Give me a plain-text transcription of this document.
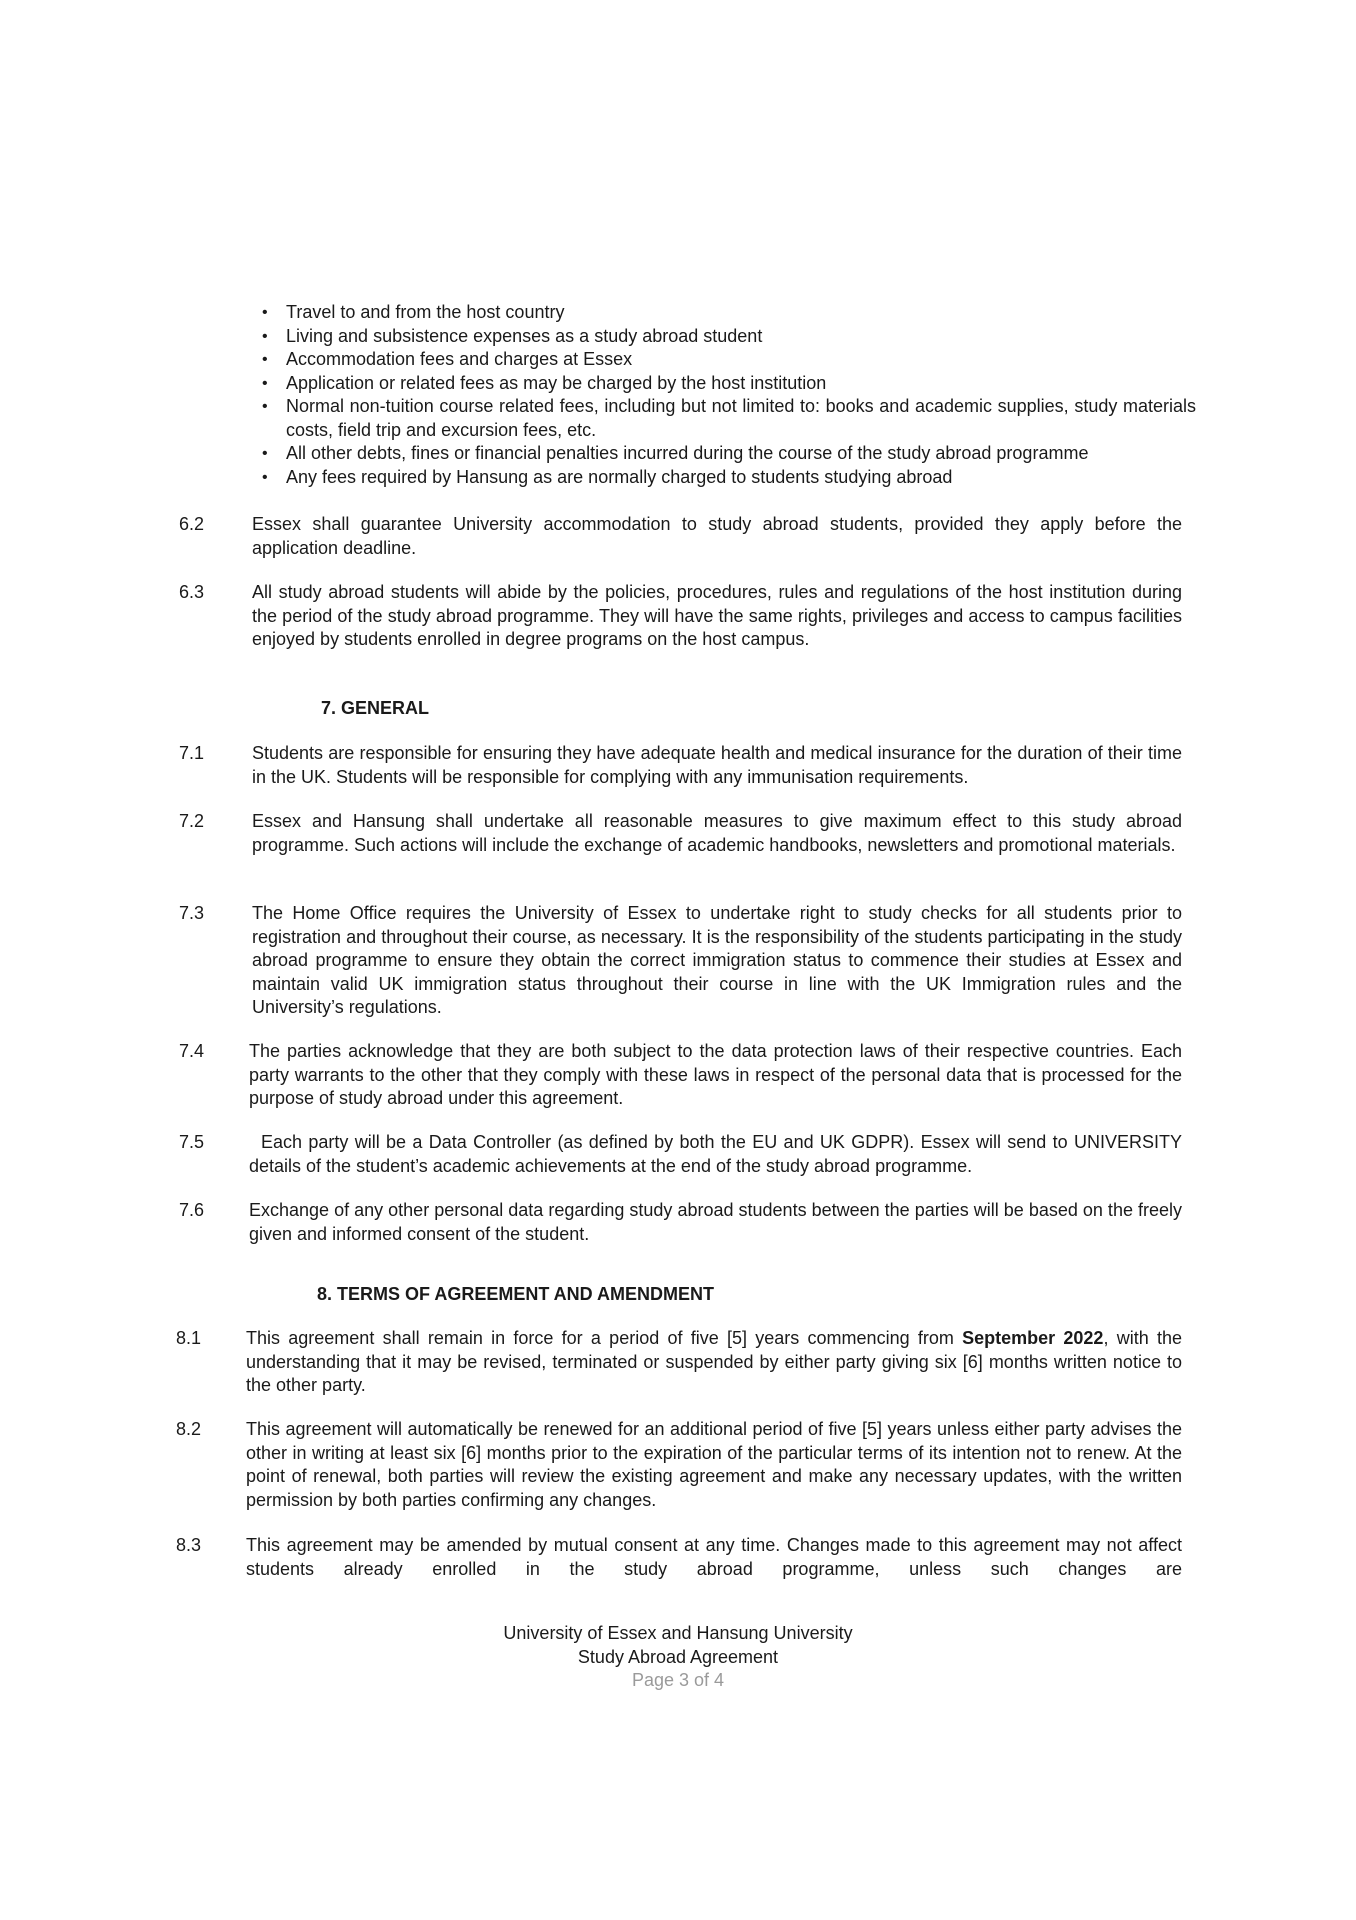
• Travel to and from the host country
• Living and subsistence expenses as a study abroad student
• Accommodation fees and charges at Essex
• Application or related fees as may be charged by the host institution
• Normal non-tuition course related fees, including but not limited to: books and academic supplies, study materials costs, field trip and excursion fees, etc.
• All other debts, fines or financial penalties incurred during the course of the study abroad programme
• Any fees required by Hansung as are normally charged to students studying abroad
6.2	Essex shall guarantee University accommodation to study abroad students, provided they apply before the application deadline.
6.3	All study abroad students will abide by the policies, procedures, rules and regulations of the host institution during the period of the study abroad programme. They will have the same rights, privileges and access to campus facilities enjoyed by students enrolled in degree programs on the host campus.
7. GENERAL
7.1	Students are responsible for ensuring they have adequate health and medical insurance for the duration of their time in the UK. Students will be responsible for complying with any immunisation requirements.
7.2	Essex and Hansung shall undertake all reasonable measures to give maximum effect to this study abroad programme. Such actions will include the exchange of academic handbooks, newsletters and promotional materials.
7.3	The Home Office requires the University of Essex to undertake right to study checks for all students prior to registration and throughout their course, as necessary. It is the responsibility of the students participating in the study abroad programme to ensure they obtain the correct immigration status to commence their studies at Essex and maintain valid UK immigration status throughout their course in line with the UK Immigration rules and the University’s regulations.
7.4	The parties acknowledge that they are both subject to the data protection laws of their respective countries. Each party warrants to the other that they comply with these laws in respect of the personal data that is processed for the purpose of study abroad under this agreement.
7.5	Each party will be a Data Controller (as defined by both the EU and UK GDPR). Essex will send to UNIVERSITY details of the student’s academic achievements at the end of the study abroad programme.
7.6	Exchange of any other personal data regarding study abroad students between the parties will be based on the freely given and informed consent of the student.
8. TERMS OF AGREEMENT AND AMENDMENT
8.1	This agreement shall remain in force for a period of five [5] years commencing from September 2022, with the understanding that it may be revised, terminated or suspended by either party giving six [6] months written notice to the other party.
8.2	This agreement will automatically be renewed for an additional period of five [5] years unless either party advises the other in writing at least six [6] months prior to the expiration of the particular terms of its intention not to renew. At the point of renewal, both parties will review the existing agreement and make any necessary updates, with the written permission by both parties confirming any changes.
8.3	This agreement may be amended by mutual consent at any time. Changes made to this agreement may not affect students already enrolled in the study abroad programme, unless such changes are
University of Essex and Hansung University
Study Abroad Agreement
Page 3 of 4
